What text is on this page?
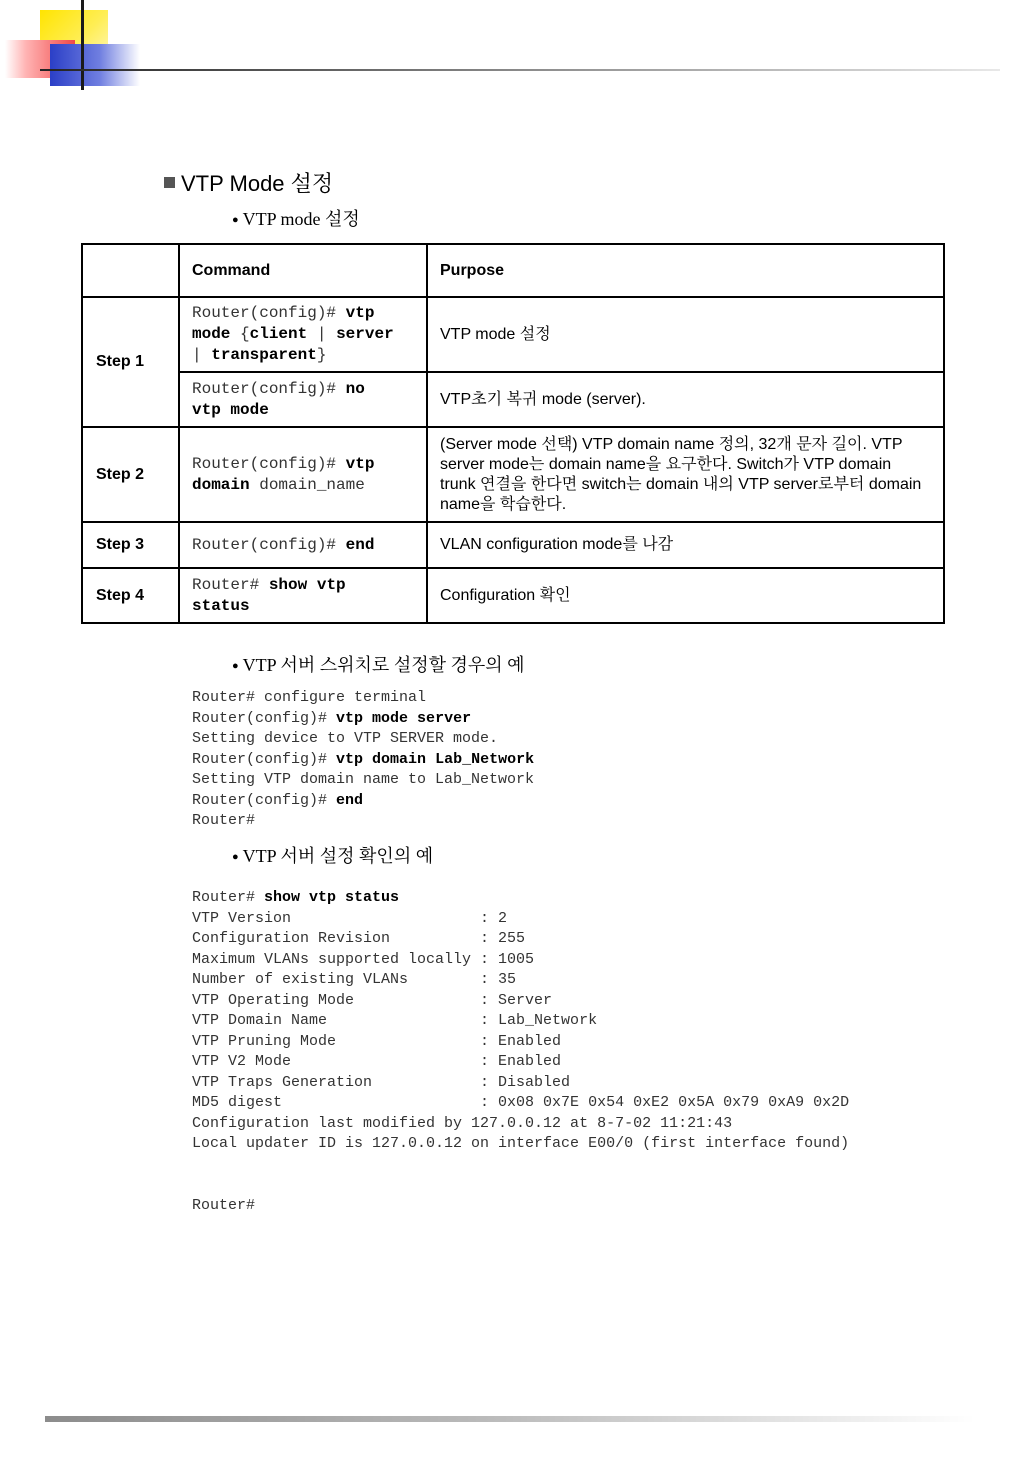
VTP Mode 설정
● VTP mode 설정
	Command	Purpose
Step 1	Router(config)# vtp
mode {client | server
| transparent}	VTP mode 설정
	Router(config)# no
vtp mode	VTP초기 복귀 mode (server).
Step 2	Router(config)# vtp
domain domain_name	(Server mode 선택) VTP domain name 정의, 32개 문자 길이. VTP server mode는 domain name을 요구한다. Switch가 VTP domain trunk 연결을 한다면 switch는 domain 내의 VTP server로부터 domain name을 학습한다.
Step 3	Router(config)# end	VLAN configuration mode를 나감
Step 4	Router# show vtp
status	Configuration 확인
● VTP 서버 스위치로 설정할 경우의 예
Router# configure terminal
Router(config)# vtp mode server
Setting device to VTP SERVER mode.
Router(config)# vtp domain Lab_Network
Setting VTP domain name to Lab_Network
Router(config)# end
Router#
● VTP 서버 설정 확인의 예
Router# show vtp status
VTP Version                     : 2
Configuration Revision          : 255
Maximum VLANs supported locally : 1005
Number of existing VLANs        : 35
VTP Operating Mode              : Server
VTP Domain Name                 : Lab_Network
VTP Pruning Mode                : Enabled
VTP V2 Mode                     : Enabled
VTP Traps Generation            : Disabled
MD5 digest                      : 0x08 0x7E 0x54 0xE2 0x5A 0x79 0xA9 0x2D
Configuration last modified by 127.0.0.12 at 8-7-02 11:21:43
Local updater ID is 127.0.0.12 on interface E00/0 (first interface found)

Router#
